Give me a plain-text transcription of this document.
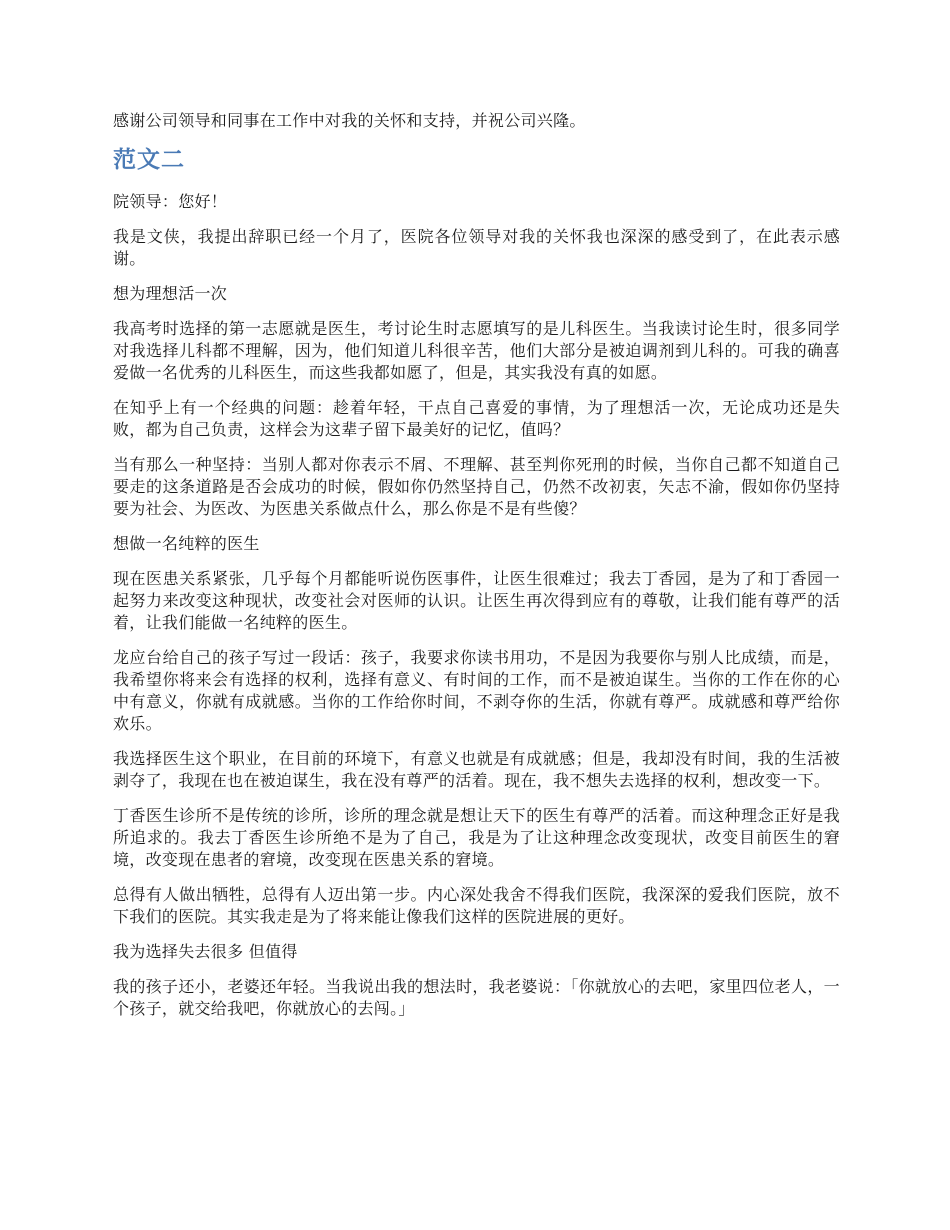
感谢公司领导和同事在工作中对我的关怀和支持，并祝公司兴隆。

范文二

院领导：您好！

我是文侠，我提出辞职已经一个月了，医院各位领导对我的关怀我也深深的感受到了，在此表示感谢。

想为理想活一次

我高考时选择的第一志愿就是医生，考讨论生时志愿填写的是儿科医生。当我读讨论生时，很多同学对我选择儿科都不理解，因为，他们知道儿科很辛苦，他们大部分是被迫调剂到儿科的。可我的确喜爱做一名优秀的儿科医生，而这些我都如愿了，但是，其实我没有真的如愿。

在知乎上有一个经典的问题：趁着年轻，干点自己喜爱的事情，为了理想活一次，无论成功还是失败，都为自己负责，这样会为这辈子留下最美好的记忆，值吗？

当有那么一种坚持：当别人都对你表示不屑、不理解、甚至判你死刑的时候，当你自己都不知道自己要走的这条道路是否会成功的时候，假如你仍然坚持自己，仍然不改初衷，矢志不渝，假如你仍坚持要为社会、为医改、为医患关系做点什么，那么你是不是有些傻？

想做一名纯粹的医生

现在医患关系紧张，几乎每个月都能听说伤医事件，让医生很难过；我去丁香园，是为了和丁香园一起努力来改变这种现状，改变社会对医师的认识。让医生再次得到应有的尊敬，让我们能有尊严的活着，让我们能做一名纯粹的医生。

龙应台给自己的孩子写过一段话：孩子，我要求你读书用功，不是因为我要你与别人比成绩，而是，我希望你将来会有选择的权利，选择有意义、有时间的工作，而不是被迫谋生。当你的工作在你的心中有意义，你就有成就感。当你的工作给你时间，不剥夺你的生活，你就有尊严。成就感和尊严给你欢乐。

我选择医生这个职业，在目前的环境下，有意义也就是有成就感；但是，我却没有时间，我的生活被剥夺了，我现在也在被迫谋生，我在没有尊严的活着。现在，我不想失去选择的权利，想改变一下。

丁香医生诊所不是传统的诊所，诊所的理念就是想让天下的医生有尊严的活着。而这种理念正好是我所追求的。我去丁香医生诊所绝不是为了自己，我是为了让这种理念改变现状，改变目前医生的窘境，改变现在患者的窘境，改变现在医患关系的窘境。

总得有人做出牺牲，总得有人迈出第一步。内心深处我舍不得我们医院，我深深的爱我们医院，放不下我们的医院。其实我走是为了将来能让像我们这样的医院进展的更好。

我为选择失去很多 但值得

我的孩子还小，老婆还年轻。当我说出我的想法时，我老婆说：「你就放心的去吧，家里四位老人，一个孩子，就交给我吧，你就放心的去闯。」
